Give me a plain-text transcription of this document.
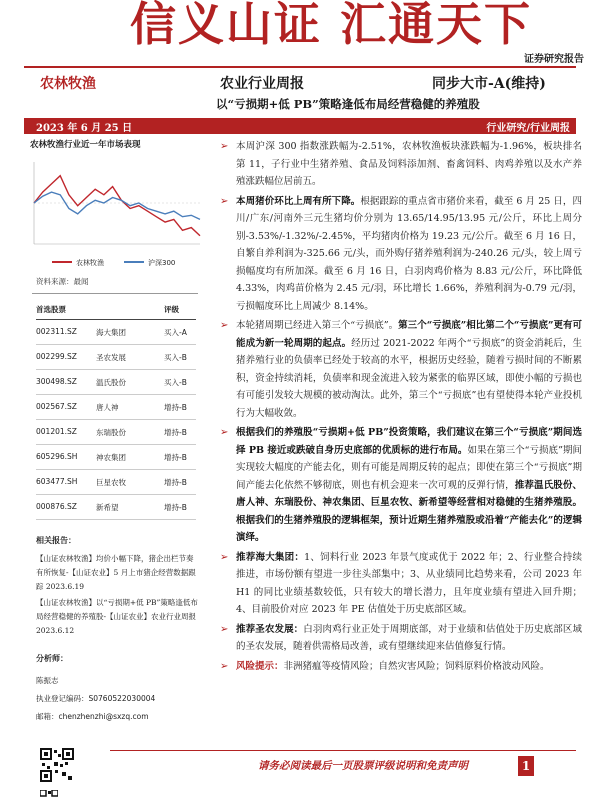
信义山证 汇通天下
证券研究报告
农林牧渔	农业行业周报	同步大市-A(维持)
以“亏损期+低 PB”策略逢低布局经营稳健的养殖股
2023 年 6 月 25 日	行业研究/行业周报
农林牧渔行业近一年市场表现
农林牧渔	沪深300
资料来源：最闻
首选股票	评级
002311.SZ	海大集团	买入-A
002299.SZ	圣农发展	买入-B
300498.SZ	温氏股份	买入-B
002567.SZ	唐人神	增持-B
001201.SZ	东瑞股份	增持-B
605296.SH	神农集团	增持-B
603477.SH	巨星农牧	增持-B
000876.SZ	新希望	增持-B
相关报告：

【山证农林牧渔】均价小幅下降，猪企出栏节奏有所恢复-【山证农业】5 月上市猪企经营数据跟踪 2023.6.19

【山证农林牧渔】以“亏损期+低 PB”策略逢低布局经营稳健的养殖股-【山证农业】农业行业周报 2023.6.12

分析师：
陈振志
执业登记编码：S0760522030004
邮箱：chenzhenzhi@sxzq.com
➢ 本周沪深 300 指数涨跌幅为-2.51%，农林牧渔板块涨跌幅为-1.96%，板块排名第 11，子行业中生猪养殖、食品及饲料添加剂、畜禽饲料、肉鸡养殖以及水产养殖涨跌幅位居前五。
➢ 本周猪价环比上周有所下降。根据跟踪的重点省市猪价来看，截至 6 月 25 日，四川/广东/河南外三元生猪均价分别为 13.65/14.95/13.95 元/公斤，环比上周分别-3.53%/-1.32%/-2.45%，平均猪肉价格为 19.23 元/公斤。截至 6 月 16 日，自繁自养利润为-325.66 元/头，而外购仔猪养殖利润为-240.26 元/头，较上周亏损幅度均有所加深。截至 6 月 16 日，白羽肉鸡价格为 8.83 元/公斤，环比降低 4.33%，肉鸡苗价格为 2.45 元/羽，环比增长 1.66%，养殖利润为-0.79 元/羽，亏损幅度环比上周减少 8.14%。
➢ 本轮猪周期已经进入第三个“亏损底”。第三个“亏损底”相比第二个“亏损底”更有可能成为新一轮周期的起点。经历过 2021-2022 年两个“亏损底”的资金消耗后，生猪养殖行业的负债率已经处于较高的水平，根据历史经验，随着亏损时间的不断累积，资金持续消耗，负债率和现金流进入较为紧张的临界区域，即使小幅的亏损也有可能引发较大规模的被动淘汰。此外，第三个“亏损底”也有望使得本轮产业投机行为大幅收敛。
➢ 根据我们的养殖股“亏损期+低 PB”投资策略，我们建议在第三个“亏损底”期间选择 PB 接近或跌破自身历史底部的优质标的进行布局。如果在第三个“亏损底”期间实现较大幅度的产能去化，则有可能是周期反转的起点；即使在第三个“亏损底”期间产能去化依然不够彻底，则也有机会迎来一次可观的反弹行情，推荐温氏股份、唐人神、东瑞股份、神农集团、巨星农牧、新希望等经营相对稳健的生猪养殖股。根据我们的生猪养殖股的逻辑框架，预计近期生猪养殖股或沿着“产能去化”的逻辑演绎。
➢ 推荐海大集团：1、饲料行业 2023 年景气度或优于 2022 年；2、行业整合持续推进，市场份额有望进一步往头部集中；3、从业绩同比趋势来看，公司 2023 年 H1 的同比业绩基数较低，只有较大的增长潜力，且年度业绩有望进入回升期；4、目前股价对应 2023 年 PE 估值处于历史底部区域。
➢ 推荐圣农发展：白羽肉鸡行业正处于周期底部，对于业绩和估值处于历史底部区域的圣农发展，随着供需格局改善，或有望继续迎来估值修复行情。
➢ 风险提示：非洲猪瘟等疫情风险；自然灾害风险；饲料原料价格波动风险。
请务必阅读最后一页股票评级说明和免责声明	1
